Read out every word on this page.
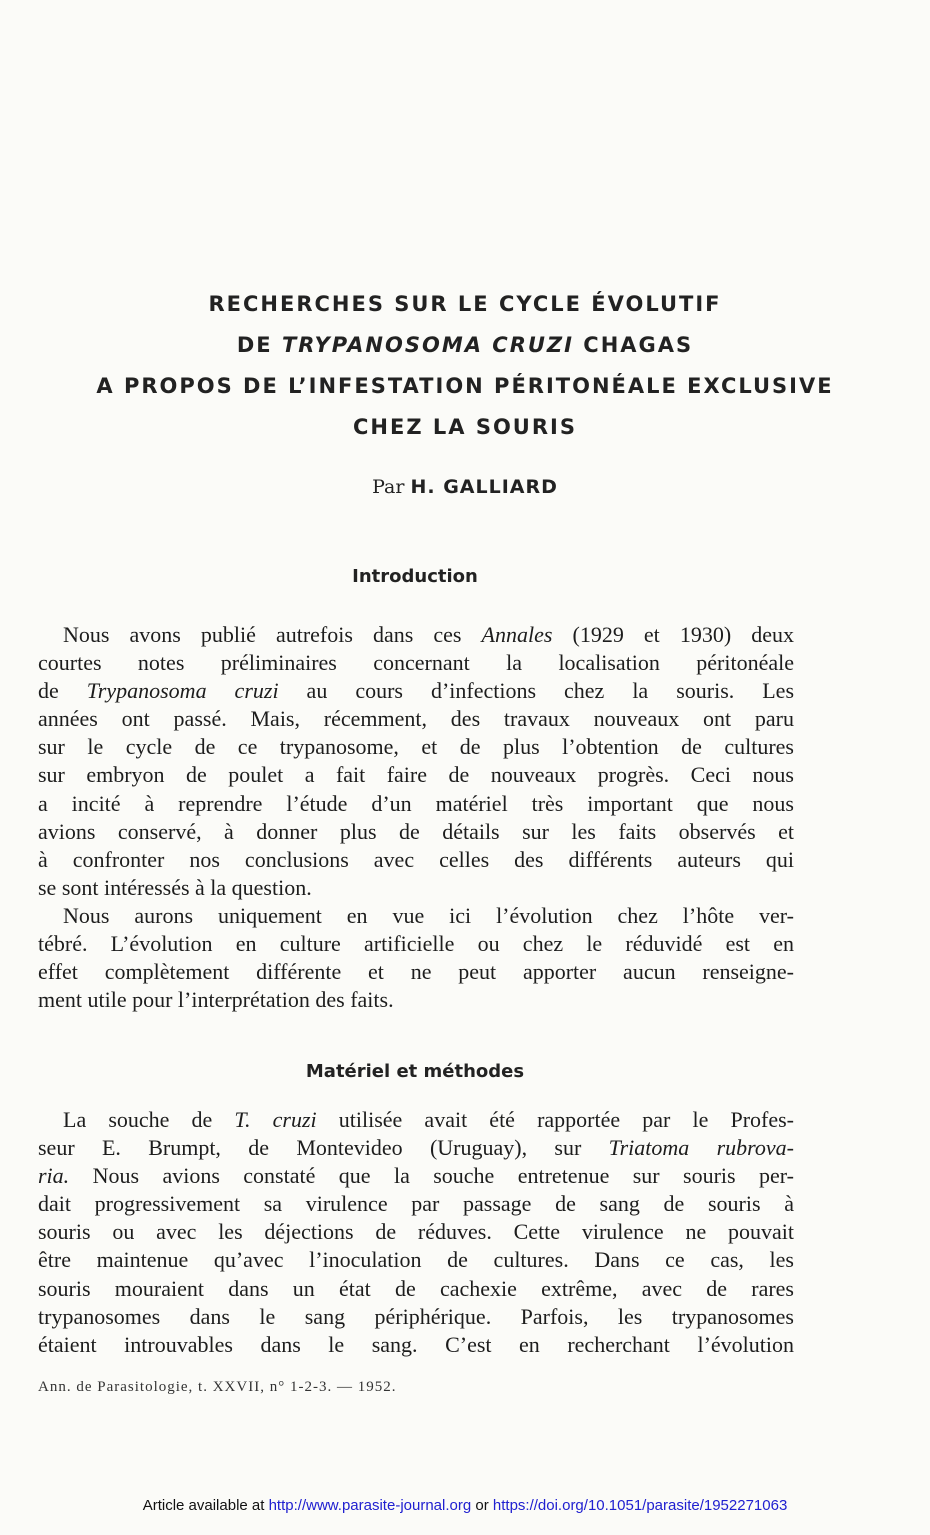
RECHERCHES SUR LE CYCLE ÉVOLUTIF
DE TRYPANOSOMA CRUZI CHAGAS
A PROPOS DE L’INFESTATION PÉRITONÉALE EXCLUSIVE
CHEZ LA SOURIS
Par H. GALLIARD
Introduction

Nous avons publié autrefois dans ces Annales (1929 et 1930) deux
courtes notes préliminaires concernant la localisation péritonéale
de Trypanosoma cruzi au cours d’infections chez la souris. Les
années ont passé. Mais, récemment, des travaux nouveaux ont paru
sur le cycle de ce trypanosome, et de plus l’obtention de cultures
sur embryon de poulet a fait faire de nouveaux progrès. Ceci nous
a incité à reprendre l’étude d’un matériel très important que nous
avions conservé, à donner plus de détails sur les faits observés et
à confronter nos conclusions avec celles des différents auteurs qui
se sont intéressés à la question.

Nous aurons uniquement en vue ici l’évolution chez l’hôte ver-
tébré. L’évolution en culture artificielle ou chez le réduvidé est en
effet complètement différente et ne peut apporter aucun renseigne-
ment utile pour l’interprétation des faits.

Matériel et méthodes

La souche de T. cruzi utilisée avait été rapportée par le Profes-
seur E. Brumpt, de Montevideo (Uruguay), sur Triatoma rubrova-
ria. Nous avions constaté que la souche entretenue sur souris per-
dait progressivement sa virulence par passage de sang de souris à
souris ou avec les déjections de réduves. Cette virulence ne pouvait
être maintenue qu’avec l’inoculation de cultures. Dans ce cas, les
souris mouraient dans un état de cachexie extrême, avec de rares
trypanosomes dans le sang périphérique. Parfois, les trypanosomes
étaient introuvables dans le sang. C’est en recherchant l’évolution

Ann. de Parasitologie, t. XXVII, n° 1-2-3. — 1952.
Article available at http://www.parasite-journal.org or https://doi.org/10.1051/parasite/1952271063
